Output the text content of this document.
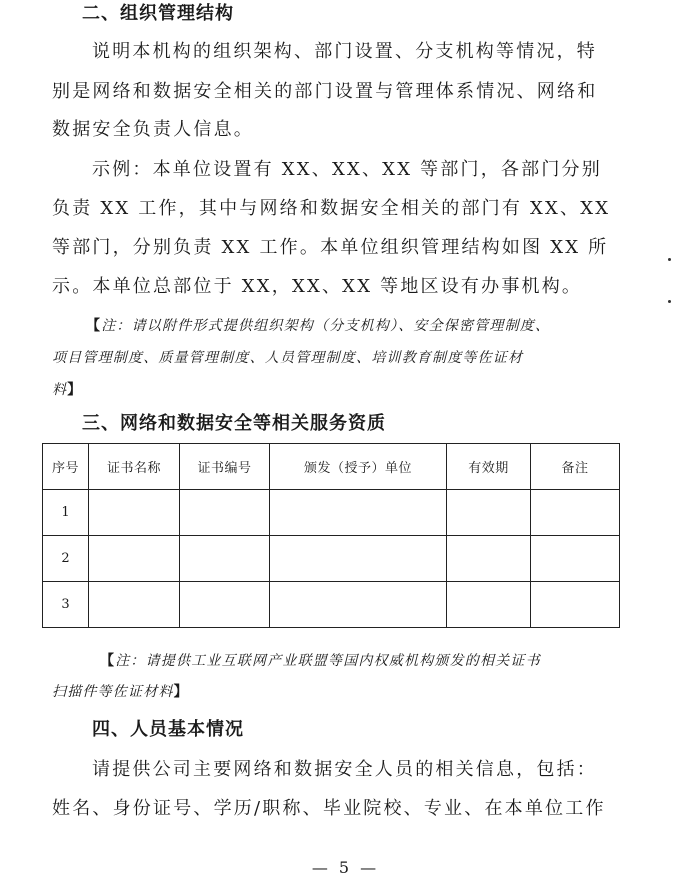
二、组织管理结构
说明本机构的组织架构、部门设置、分支机构等情况，特
别是网络和数据安全相关的部门设置与管理体系情况、网络和
数据安全负责人信息。
示例：本单位设置有 XX、XX、XX 等部门，各部门分别
负责 XX 工作，其中与网络和数据安全相关的部门有 XX、XX
等部门，分别负责 XX 工作。本单位组织管理结构如图 XX 所
示。本单位总部位于 XX，XX、XX 等地区设有办事机构。
【注：请以附件形式提供组织架构（分支机构）、安全保密管理制度、
项目管理制度、质量管理制度、人员管理制度、培训教育制度等佐证材
料】
三、网络和数据安全等相关服务资质
序号	证书名称	证书编号	颁发（授予）单位	有效期	备注
1					
2					
3					
【注：请提供工业互联网产业联盟等国内权威机构颁发的相关证书
扫描件等佐证材料】
四、人员基本情况
请提供公司主要网络和数据安全人员的相关信息，包括：
姓名、身份证号、学历/职称、毕业院校、专业、在本单位工作
— 5 —
